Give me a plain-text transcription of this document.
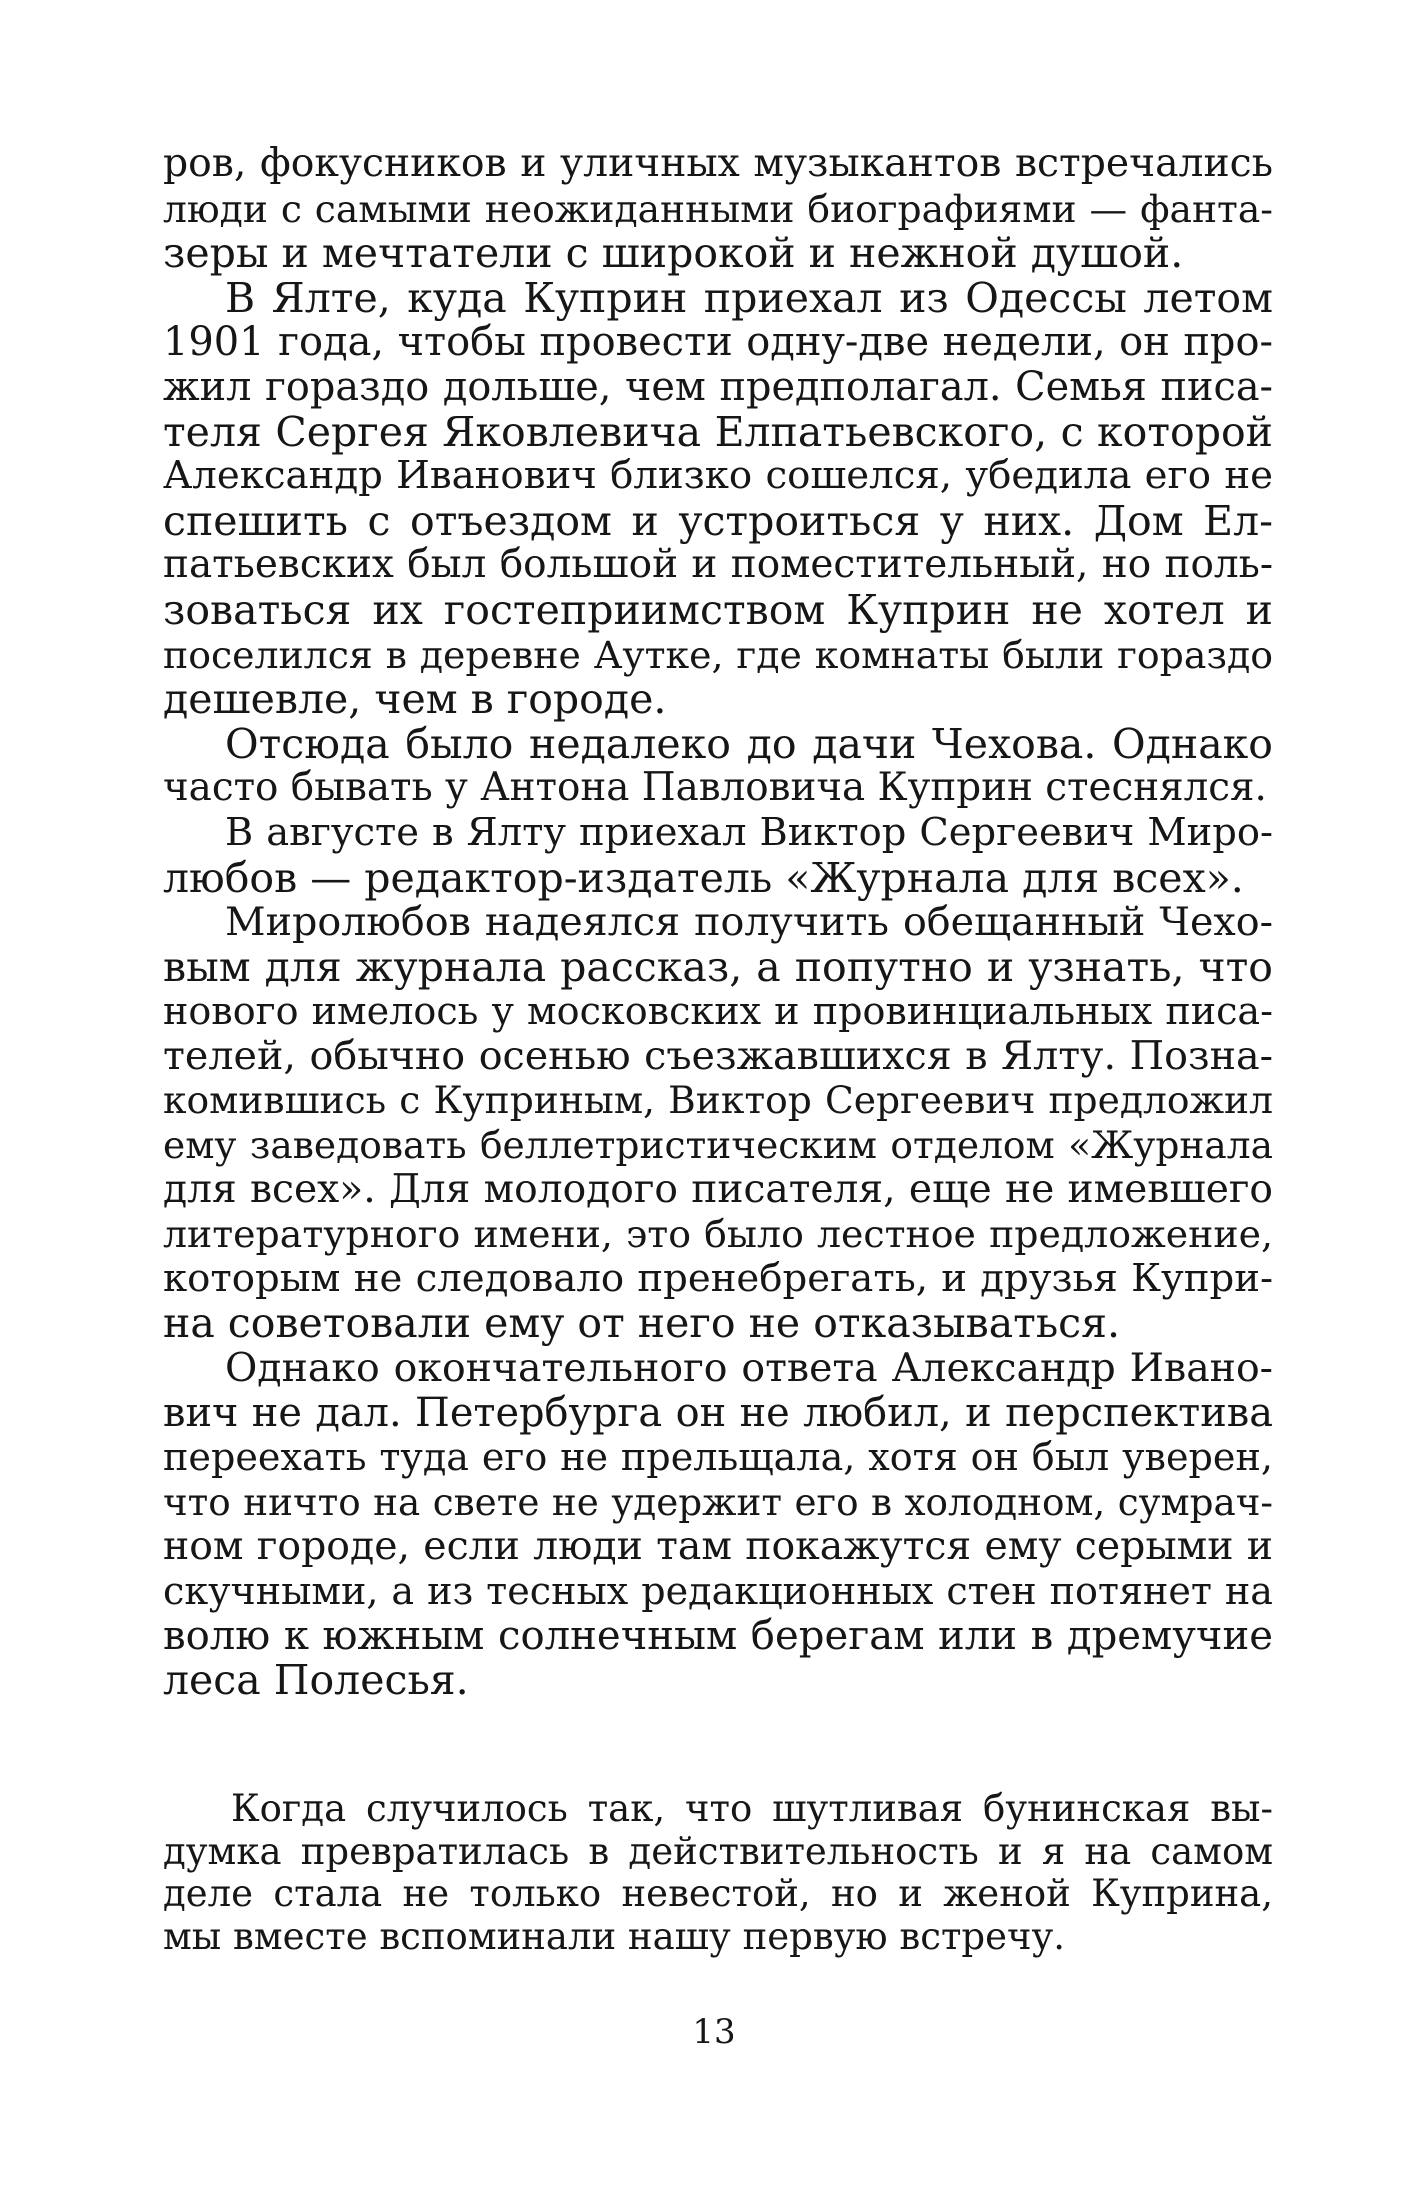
ров, фокусников и уличных музыкантов встречались
люди с самыми неожиданными биографиями — фанта-
зеры и мечтатели с широкой и нежной душой.
В Ялте, куда Куприн приехал из Одессы летом
1901 года, чтобы провести одну-две недели, он про-
жил гораздо дольше, чем предполагал. Семья писа-
теля Сергея Яковлевича Елпатьевского, с которой
Александр Иванович близко сошелся, убедила его не
спешить с отъездом и устроиться у них. Дом Ел-
патьевских был большой и поместительный, но поль-
зоваться их гостеприимством Куприн не хотел и
поселился в деревне Аутке, где комнаты были гораздо
дешевле, чем в городе.
Отсюда было недалеко до дачи Чехова. Однако
часто бывать у Антона Павловича Куприн стеснялся.
В августе в Ялту приехал Виктор Сергеевич Миро-
любов — редактор-издатель «Журнала для всех».
Миролюбов надеялся получить обещанный Чехо-
вым для журнала рассказ, а попутно и узнать, что
нового имелось у московских и провинциальных писа-
телей, обычно осенью съезжавшихся в Ялту. Позна-
комившись с Куприным, Виктор Сергеевич предложил
ему заведовать беллетристическим отделом «Журнала
для всех». Для молодого писателя, еще не имевшего
литературного имени, это было лестное предложение,
которым не следовало пренебрегать, и друзья Купри-
на советовали ему от него не отказываться.
Однако окончательного ответа Александр Ивано-
вич не дал. Петербурга он не любил, и перспектива
переехать туда его не прельщала, хотя он был уверен,
что ничто на свете не удержит его в холодном, сумрач-
ном городе, если люди там покажутся ему серыми и
скучными, а из тесных редакционных стен потянет на
волю к южным солнечным берегам или в дремучие
леса Полесья.
Когда случилось так, что шутливая бунинская вы-
думка превратилась в действительность и я на самом
деле стала не только невестой, но и женой Куприна,
мы вместе вспоминали нашу первую встречу.
13
